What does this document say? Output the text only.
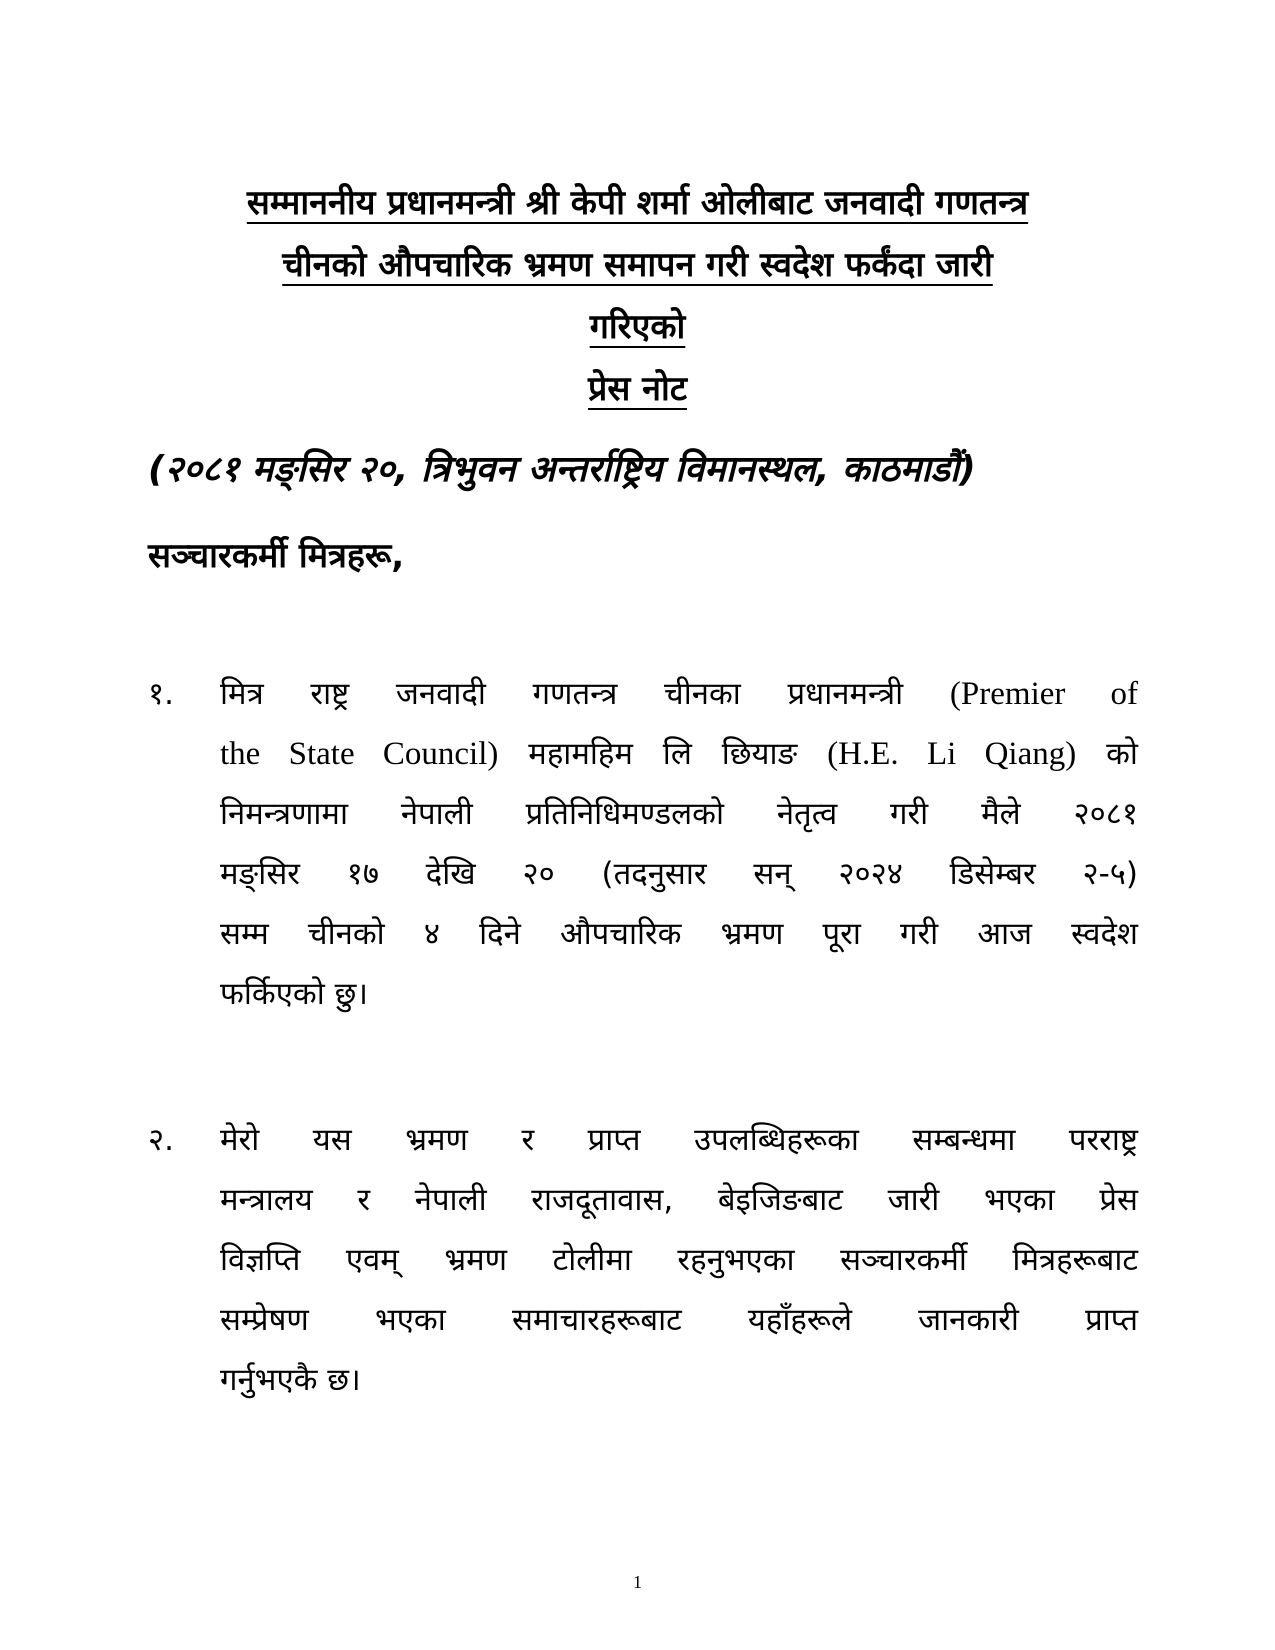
सम्माननीय प्रधानमन्त्री श्री केपी शर्मा ओलीबाट जनवादी गणतन्त्र
चीनको औपचारिक भ्रमण समापन गरी स्वदेश फर्कंदा जारी
गरिएको
प्रेस नोट
(२०८१ मङ्सिर २०, त्रिभुवन अन्तर्राष्ट्रिय विमानस्थल, काठमाडौं)
सञ्चारकर्मी मित्रहरू,
१. मित्र राष्ट्र जनवादी गणतन्त्र चीनका प्रधानमन्त्री (Premier of
the State Council) महामहिम लि छियाङ (H.E. Li Qiang) को
निमन्त्रणामा नेपाली प्रतिनिधिमण्डलको नेतृत्व गरी मैले २०८१
मङ्सिर १७ देखि २० (तदनुसार सन् २०२४ डिसेम्बर २-५)
सम्म चीनको ४ दिने औपचारिक भ्रमण पूरा गरी आज स्वदेश
फर्किएको छु।
२. मेरो यस भ्रमण र प्राप्त उपलब्धिहरूका सम्बन्धमा परराष्ट्र
मन्त्रालय र नेपाली राजदूतावास, बेइजिङबाट जारी भएका प्रेस
विज्ञप्ति एवम् भ्रमण टोलीमा रहनुभएका सञ्चारकर्मी मित्रहरूबाट
सम्प्रेषण भएका समाचारहरूबाट यहाँहरूले जानकारी प्राप्त
गर्नुभएकै छ।
1
